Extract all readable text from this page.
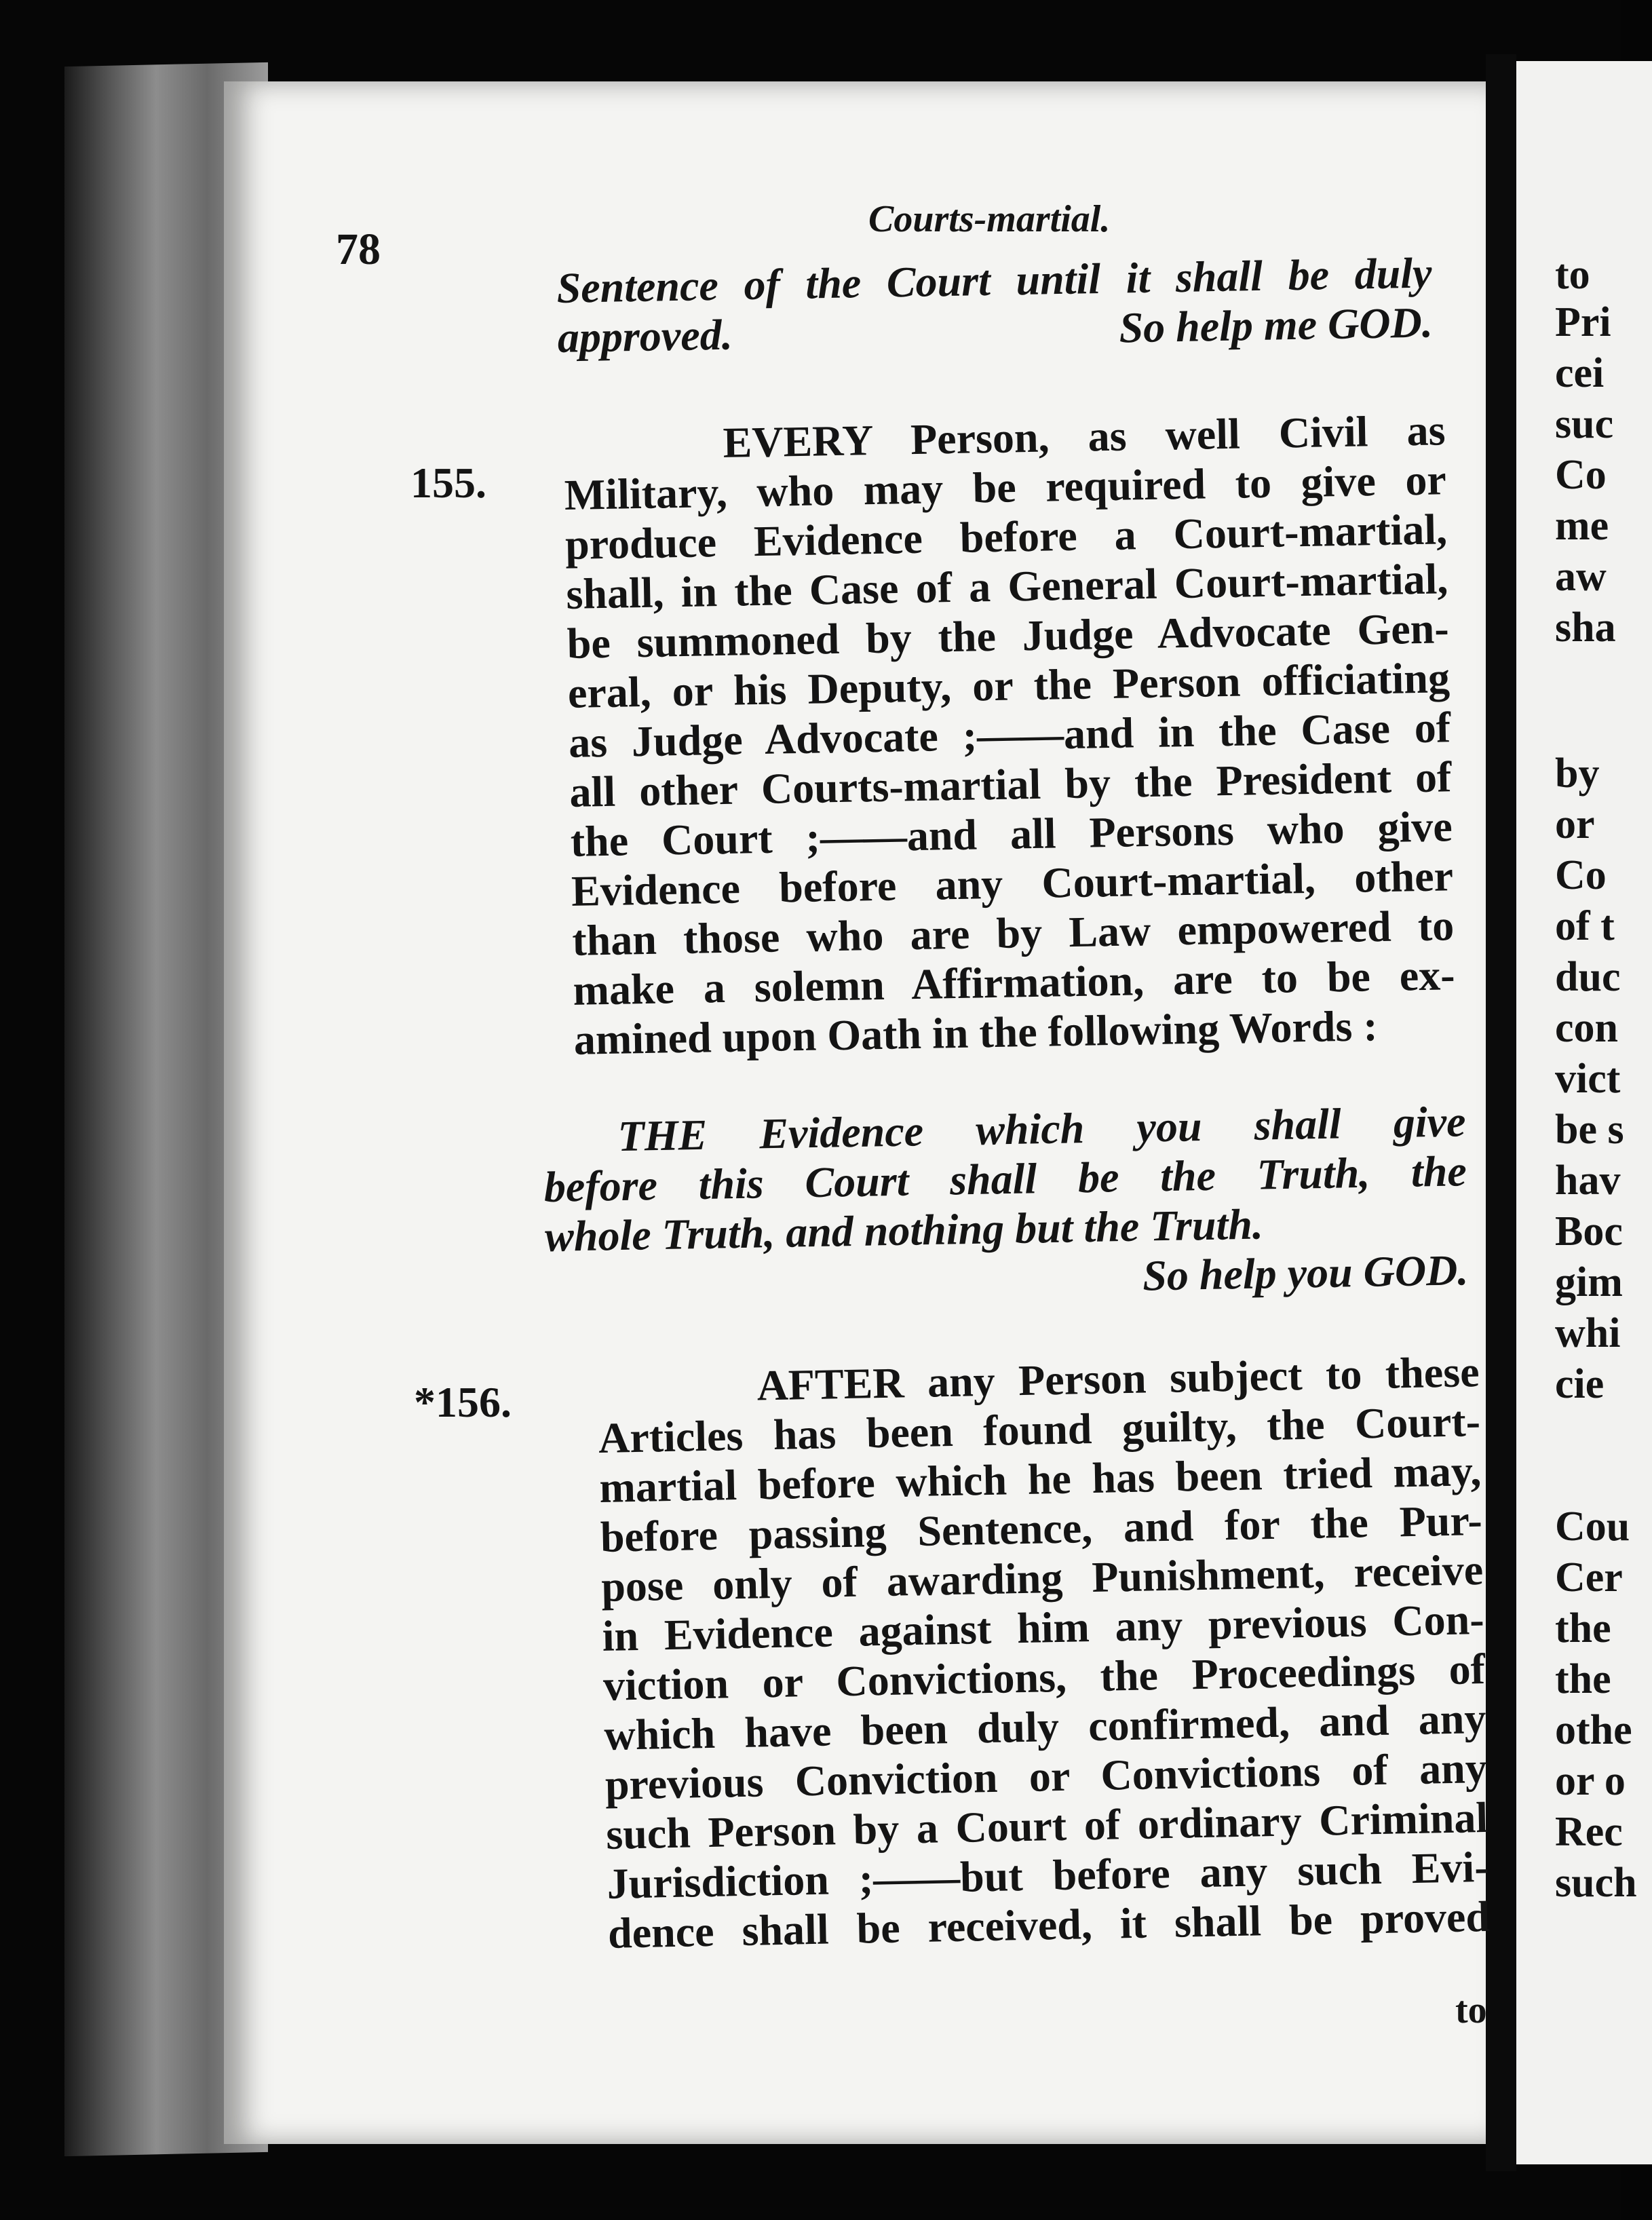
78
Courts-martial.
Sentence of the Court until it shall be duly
approved.	So help me GOD.
155.
EVERY Person, as well Civil as
Military, who may be required to give or
produce Evidence before a Court-martial,
shall, in the Case of a General Court-martial,
be summoned by the Judge Advocate Gen-
eral, or his Deputy, or the Person officiating
as Judge Advocate ;——and in the Case of
all other Courts-martial by the President of
the Court ;——and all Persons who give
Evidence before any Court-martial, other
than those who are by Law empowered to
make a solemn Affirmation, are to be ex-
amined upon Oath in the following Words :
THE Evidence which you shall give
before this Court shall be the Truth, the
whole Truth, and nothing but the Truth.
So help you GOD.
*156.	AFTER any Person subject to these
Articles has been found guilty, the Court-
martial before which he has been tried may,
before passing Sentence, and for the Pur-
pose only of awarding Punishment, receive
in Evidence against him any previous Con-
viction or Convictions, the Proceedings of
which have been duly confirmed, and any
previous Conviction or Convictions of any
such Person by a Court of ordinary Criminal
Jurisdiction ;——but before any such Evi-
dence shall be received, it shall be proved
to
to
Pri
cei
suc
Co
me
aw
sha
by
or
Co
of t
duc
con
vict
be s
hav
Boc
gim
whi
cie
Cou
Cer
the
the
othe
or o
Rec
such
